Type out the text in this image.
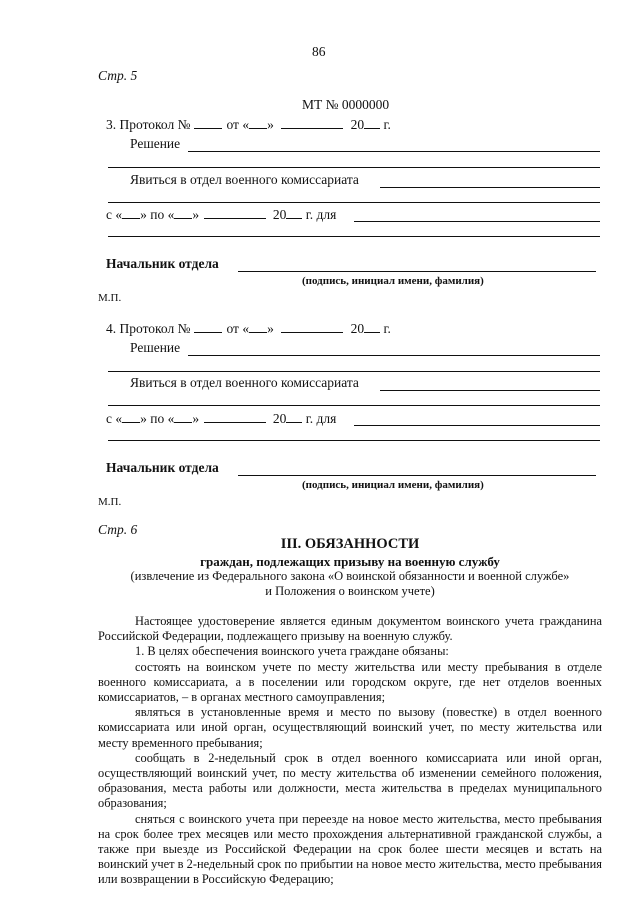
86
Стр. 5
МТ № 0000000
3. Протокол №	от « »	20 г.
Решение
Явиться в отдел военного комиссариата
с « » по « »	20 г. для
Начальник отдела
(подпись, инициал имени, фамилия)
М.П.
4. Протокол №	от « »	20 г.
Решение
Явиться в отдел военного комиссариата
с « » по « »	20 г. для
Начальник отдела
(подпись, инициал имени, фамилия)
М.П.
Стр. 6
III. ОБЯЗАННОСТИ
граждан, подлежащих призыву на военную службу
(извлечение из Федерального закона «О воинской обязанности и военной службе»
и Положения о воинском учете)

Настоящее удостоверение является единым документом воинского учета гражданина Российской Федерации, подлежащего призыву на военную службу.

1. В целях обеспечения воинского учета граждане обязаны:

состоять на воинском учете по месту жительства или месту пребывания в отделе военного комиссариата, а в поселении или городском округе, где нет отделов военных комиссариатов, – в органах местного самоуправления;

являться в установленные время и место по вызову (повестке) в отдел военного комиссариата или иной орган, осуществляющий воинский учет, по месту жительства или месту временного пребывания;

сообщать в 2-недельный срок в отдел военного комиссариата или иной орган, осуществляющий воинский учет, по месту жительства об изменении семейного положения, образования, места работы или должности, места жительства в пределах муниципального образования;

сняться с воинского учета при переезде на новое место жительства, место пребывания на срок более трех месяцев или место прохождения альтернативной гражданской службы, а также при выезде из Российской Федерации на срок более шести месяцев и встать на воинский учет в 2-недельный срок по прибытии на новое место жительства, место пребывания или возвращении в Российскую Федерацию;
